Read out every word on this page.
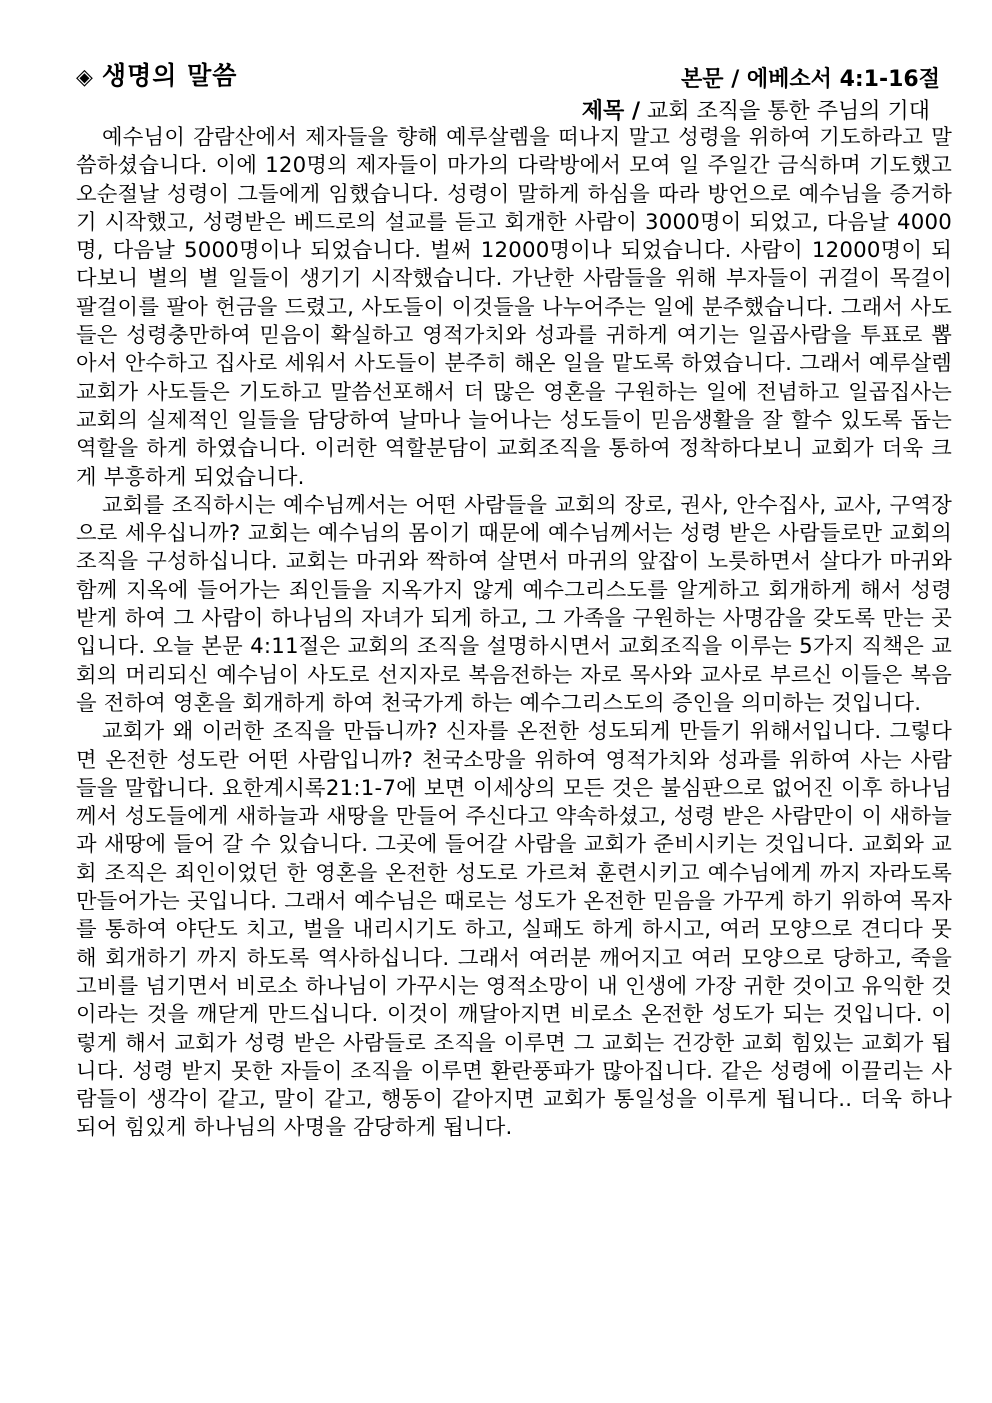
◈ 생명의 말씀	본문 / 에베소서 4:1-16절
제목 / 교회 조직을 통한 주님의 기대

예수님이 감람산에서 제자들을 향해 예루살렘을 떠나지 말고 성령을 위하여 기도하라고 말씀하셨습니다. 이에 120명의 제자들이 마가의 다락방에서 모여 일 주일간 금식하며 기도했고 오순절날 성령이 그들에게 임했습니다. 성령이 말하게 하심을 따라 방언으로 예수님을 증거하기 시작했고, 성령받은 베드로의 설교를 듣고 회개한 사람이 3000명이 되었고, 다음날 4000명, 다음날 5000명이나 되었습니다. 벌써 12000명이나 되었습니다. 사람이 12000명이 되다보니 별의 별 일들이 생기기 시작했습니다. 가난한 사람들을 위해 부자들이 귀걸이 목걸이 팔걸이를 팔아 헌금을 드렸고, 사도들이 이것들을 나누어주는 일에 분주했습니다. 그래서 사도들은 성령충만하여 믿음이 확실하고 영적가치와 성과를 귀하게 여기는 일곱사람을 투표로 뽑아서 안수하고 집사로 세워서 사도들이 분주히 해온 일을 맡도록 하였습니다. 그래서 예루살렘교회가 사도들은 기도하고 말씀선포해서 더 많은 영혼을 구원하는 일에 전념하고 일곱집사는 교회의 실제적인 일들을 담당하여 날마나 늘어나는 성도들이 믿음생활을 잘 할수 있도록 돕는 역할을 하게 하였습니다. 이러한 역할분담이 교회조직을 통하여 정착하다보니 교회가 더욱 크게 부흥하게 되었습니다.

교회를 조직하시는 예수님께서는 어떤 사람들을 교회의 장로, 권사, 안수집사, 교사, 구역장으로 세우십니까? 교회는 예수님의 몸이기 때문에 예수님께서는 성령 받은 사람들로만 교회의 조직을 구성하십니다. 교회는 마귀와 짝하여 살면서 마귀의 앞잡이 노릇하면서 살다가 마귀와 함께 지옥에 들어가는 죄인들을 지옥가지 않게 예수그리스도를 알게하고 회개하게 해서 성령 받게 하여 그 사람이 하나님의 자녀가 되게 하고, 그 가족을 구원하는 사명감을 갖도록 만는 곳입니다. 오늘 본문 4:11절은 교회의 조직을 설명하시면서 교회조직을 이루는 5가지 직책은 교회의 머리되신 예수님이 사도로 선지자로 복음전하는 자로 목사와 교사로 부르신 이들은 복음을 전하여 영혼을 회개하게 하여 천국가게 하는 예수그리스도의 증인을 의미하는 것입니다.

교회가 왜 이러한 조직을 만듭니까? 신자를 온전한 성도되게 만들기 위해서입니다. 그렇다면 온전한 성도란 어떤 사람입니까? 천국소망을 위하여 영적가치와 성과를 위하여 사는 사람들을 말합니다. 요한계시록21:1-7에 보면 이세상의 모든 것은 불심판으로 없어진 이후 하나님께서 성도들에게 새하늘과 새땅을 만들어 주신다고 약속하셨고, 성령 받은 사람만이 이 새하늘과 새땅에 들어 갈 수 있습니다. 그곳에 들어갈 사람을 교회가 준비시키는 것입니다. 교회와 교회 조직은 죄인이었던 한 영혼을 온전한 성도로 가르쳐 훈련시키고 예수님에게 까지 자라도록 만들어가는 곳입니다. 그래서 예수님은 때로는 성도가 온전한 믿음을 가꾸게 하기 위하여 목자를 통하여 야단도 치고, 벌을 내리시기도 하고, 실패도 하게 하시고, 여러 모양으로 견디다 못해 회개하기 까지 하도록 역사하십니다. 그래서 여러분 깨어지고 여러 모양으로 당하고, 죽을 고비를 넘기면서 비로소 하나님이 가꾸시는 영적소망이 내 인생에 가장 귀한 것이고 유익한 것이라는 것을 깨닫게 만드십니다. 이것이 깨달아지면 비로소 온전한 성도가 되는 것입니다. 이렇게 해서 교회가 성령 받은 사람들로 조직을 이루면 그 교회는 건강한 교회 힘있는 교회가 됩니다. 성령 받지 못한 자들이 조직을 이루면 환란풍파가 많아집니다. 같은 성령에 이끌리는 사람들이 생각이 같고, 말이 같고, 행동이 같아지면 교회가 통일성을 이루게 됩니다.. 더욱 하나 되어 힘있게 하나님의 사명을 감당하게 됩니다.
